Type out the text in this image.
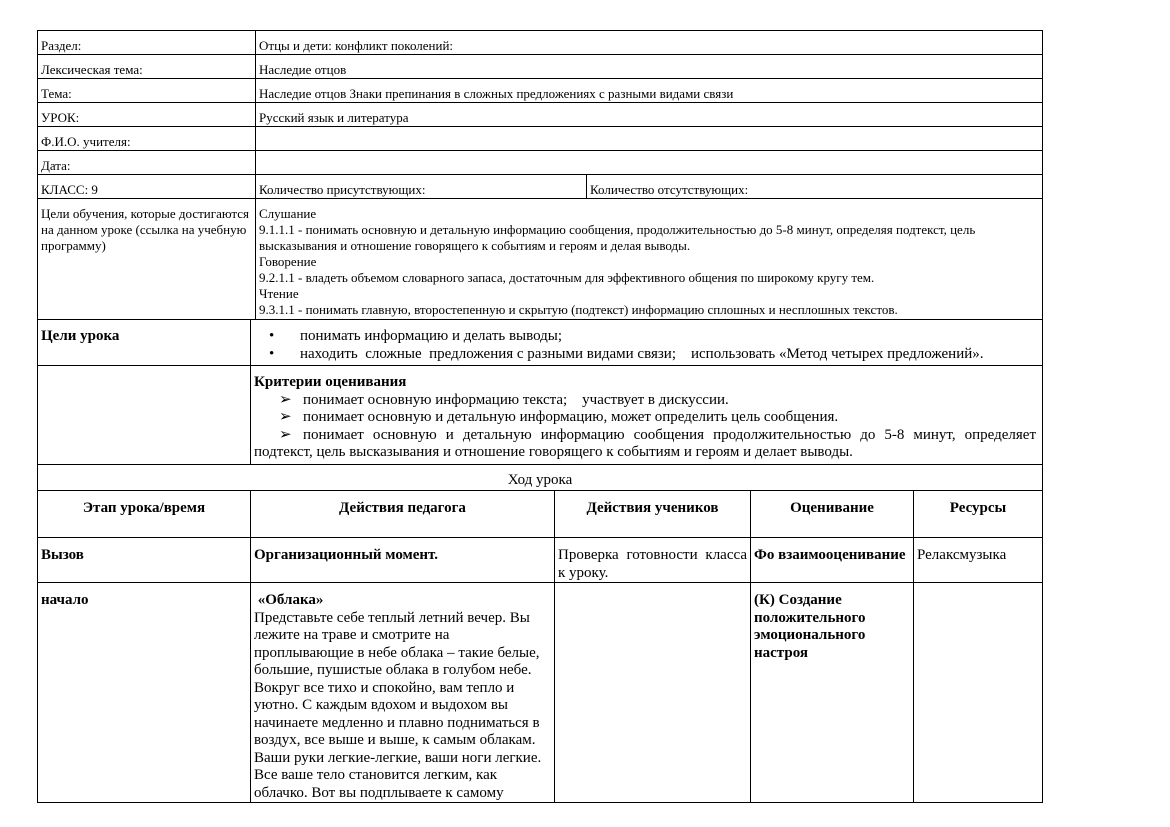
Раздел:	Отцы и дети: конфликт поколений:	
Лексическая тема:	Наследие отцов	
Тема:	Наследие отцов Знаки препинания в сложных предложениях с разными видами связи	
УРОК:	Русский язык и литература	
Ф.И.О. учителя:		
Дата:		
КЛАСС: 9	Количество присутствующих:	Количество отсутствующих:
Цели обучения, которые достигаются на данном уроке (ссылка на учебную программу)	
Слушание
9.1.1.1 - понимать основную и детальную информацию сообщения, продолжительностью до 5-8 минут, определяя подтекст, цель высказывания и отношение говорящего к событиям и героям и делая выводы.
Говорение
9.2.1.1 - владеть объемом словарного запаса, достаточным для эффективного общения по широкому кругу тем.
Чтение
9.3.1.1 - понимать главную, второстепенную и скрытую (подтекст) информацию сплошных и несплошных текстов.
Цели урока	• понимать информацию и делать выводы;
• находить  сложные  предложения с разными видами связи;    использовать «Метод четырех предложений».

	Критерии оценивания
➢ понимает основную информацию текста;    участвует в дискуссии.
➢ понимает основную и детальную информацию, может определить цель сообщения.
➢ понимает основную и детальную информацию сообщения продолжительностью до 5-8 минут, определяет подтекст, цель высказывания и отношение говорящего к событиям и героям и делает выводы.			

Ход урока				
Этап урока/время	Действия педагога	Действия учеников	Оценивание	Ресурсы
Вызов	Организационный момент.	Проверка готовности класса к уроку.	Фо взаимооценивание	Релаксмузыка
начало	«Облака»
Представьте себе теплый летний вечер. Вы лежите на траве и смотрите на проплывающие в небе облака – такие белые, большие, пушистые облака в голубом небе. Вокруг все тихо и спокойно, вам тепло и уютно. С каждым вдохом и выдохом вы начинаете медленно и плавно подниматься в воздух, все выше и выше, к самым облакам. Ваши руки легкие-легкие, ваши ноги легкие. Все ваше тело становится легким, как облачко. Вот вы подплываете к самому		(К) Создание положительного эмоционального настроя	
